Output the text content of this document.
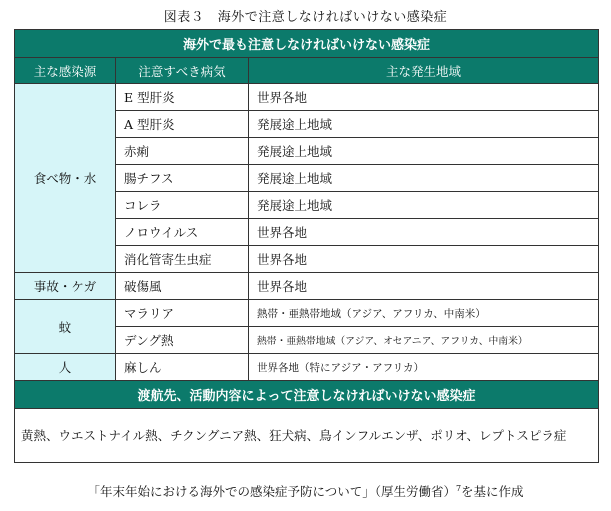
図表３　海外で注意しなければいけない感染症
海外で最も注意しなければいけない感染症		
主な感染源	注意すべき病気	主な発生地域
食べ物・水	E 型肝炎	世界各地
	A 型肝炎	発展途上地域
	赤痢	発展途上地域
	腸チフス	発展途上地域
	コレラ	発展途上地域
	ノロウイルス	世界各地
	消化管寄生虫症	世界各地
事故・ケガ	破傷風	世界各地
蚊	マラリア	熱帯・亜熱帯地域（アジア、アフリカ、中南米）
	デング熱	熱帯・亜熱帯地域（アジア、オセアニア、アフリカ、中南米）
人	麻しん	世界各地（特にアジア・アフリカ）
渡航先、活動内容によって注意しなければいけない感染症		
黄熱、ウエストナイル熱、チクングニア熱、狂犬病、鳥インフルエンザ、ポリオ、レプトスピラ症		
「年末年始における海外での感染症予防について」（厚生労働省）$^7$を基に作成
